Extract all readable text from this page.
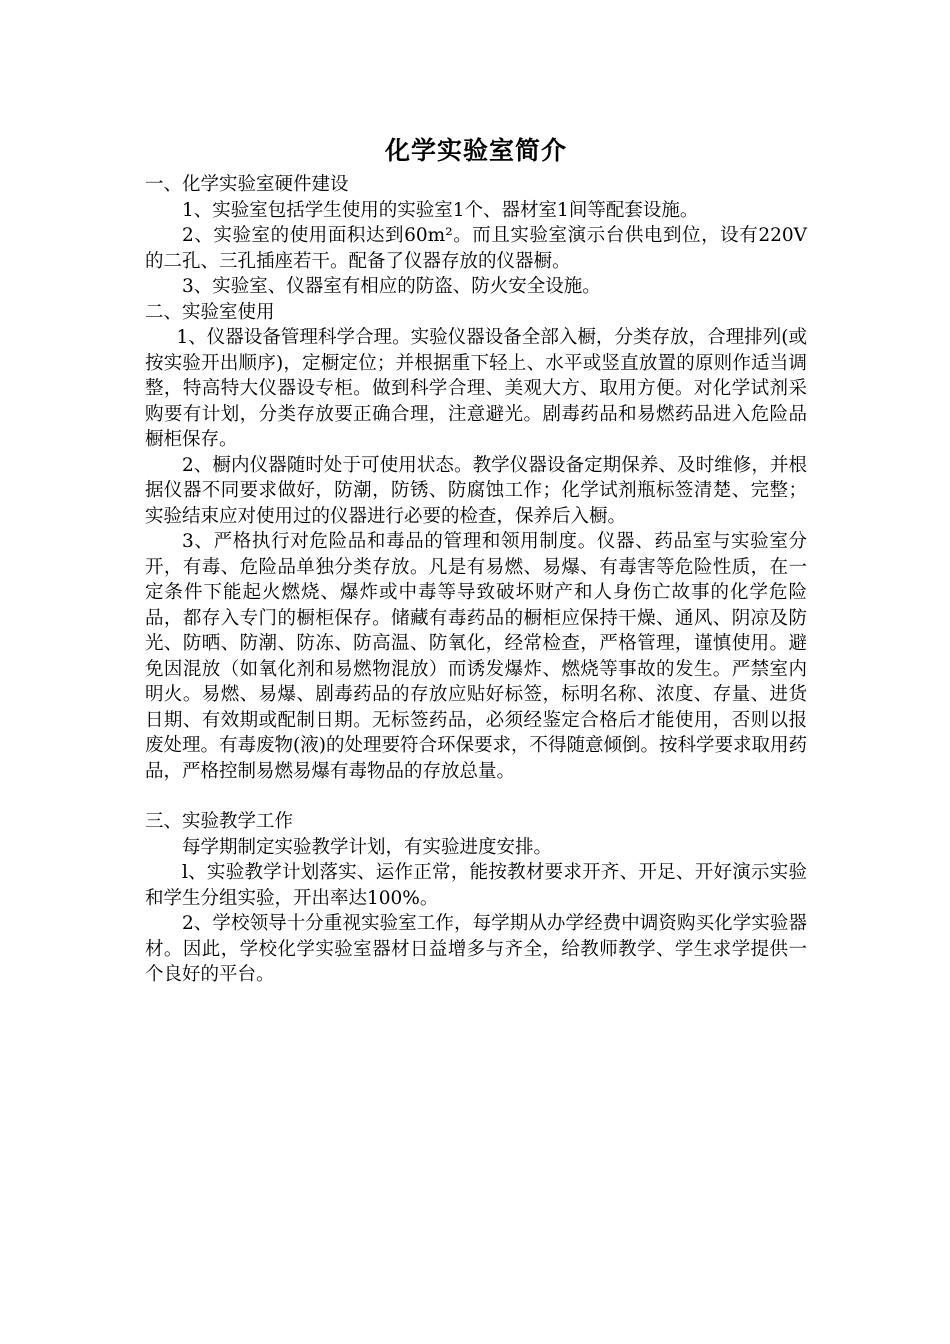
化学实验室简介

一、化学实验室硬件建设

1、实验室包括学生使用的实验室1个、器材室1间等配套设施。

2、实验室的使用面积达到60m²。而且实验室演示台供电到位，设有220V的二孔、三孔插座若干。配备了仪器存放的仪器橱。

3、实验室、仪器室有相应的防盗、防火安全设施。

二、实验室使用

1、仪器设备管理科学合理。实验仪器设备全部入橱，分类存放，合理排列(或按实验开出顺序)，定橱定位；并根据重下轻上、水平或竖直放置的原则作适当调整，特高特大仪器设专柜。做到科学合理、美观大方、取用方便。对化学试剂采购要有计划，分类存放要正确合理，注意避光。剧毒药品和易燃药品进入危险品橱柜保存。

2、橱内仪器随时处于可使用状态。教学仪器设备定期保养、及时维修，并根据仪器不同要求做好，防潮，防锈、防腐蚀工作；化学试剂瓶标签清楚、完整；实验结束应对使用过的仪器进行必要的检查，保养后入橱。

3、严格执行对危险品和毒品的管理和领用制度。仪器、药品室与实验室分开，有毒、危险品单独分类存放。凡是有易燃、易爆、有毒害等危险性质，在一定条件下能起火燃烧、爆炸或中毒等导致破坏财产和人身伤亡故事的化学危险品，都存入专门的橱柜保存。储藏有毒药品的橱柜应保持干燥、通风、阴凉及防光、防晒、防潮、防冻、防高温、防氧化，经常检查，严格管理，谨慎使用。避免因混放（如氧化剂和易燃物混放）而诱发爆炸、燃烧等事故的发生。严禁室内明火。易燃、易爆、剧毒药品的存放应贴好标签，标明名称、浓度、存量、进货日期、有效期或配制日期。无标签药品，必须经鉴定合格后才能使用，否则以报废处理。有毒废物(液)的处理要符合环保要求，不得随意倾倒。按科学要求取用药品，严格控制易燃易爆有毒物品的存放总量。

三、实验教学工作

每学期制定实验教学计划，有实验进度安排。

l、实验教学计划落实、运作正常，能按教材要求开齐、开足、开好演示实验和学生分组实验，开出率达100%。

2、学校领导十分重视实验室工作，每学期从办学经费中调资购买化学实验器材。因此，学校化学实验室器材日益增多与齐全，给教师教学、学生求学提供一个良好的平台。
